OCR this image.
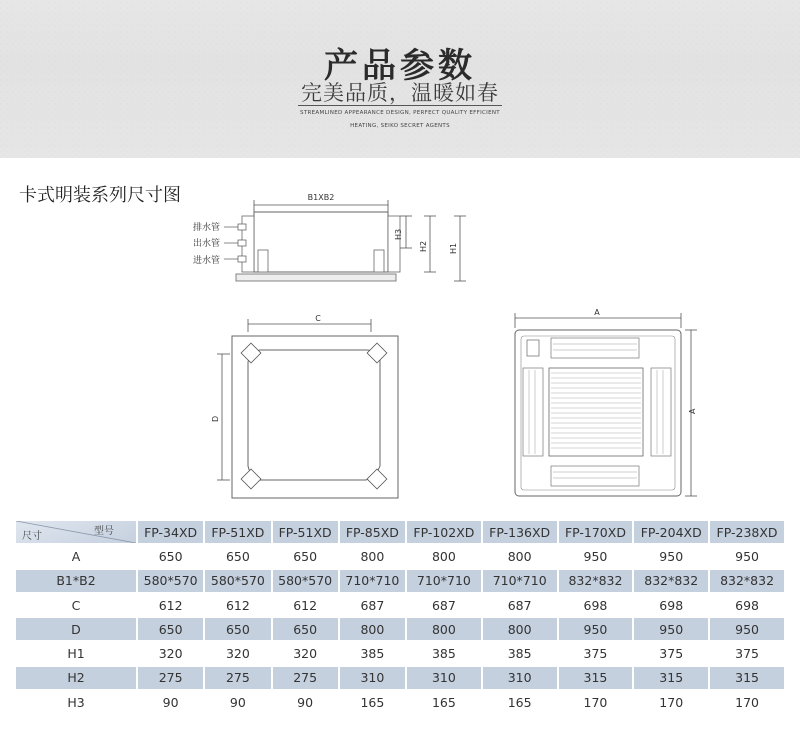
产品参数
完美品质，温暖如春
STREAMLINED APPEARANCE DESIGN, PERFECT QUALITY EFFICIENT
HEATING, SEIKO SECRET AGENTS
卡式明装系列尺寸图	B1XB2
排水管
出水管
进水管
H3
H2	H1
C
D
A
A
型号
尺寸	FP-34XD	FP-51XD	FP-51XD	FP-85XD	FP-102XD	FP-136XD	FP-170XD	FP-204XD	FP-238XD
A	650	650	650	800	800	800	950	950	950
B1*B2	580*570	580*570	580*570	710*710	710*710	710*710	832*832	832*832	832*832
C	612	612	612	687	687	687	698	698	698
D	650	650	650	800	800	800	950	950	950
H1	320	320	320	385	385	385	375	375	375
H2	275	275	275	310	310	310	315	315	315
H3	90	90	90	165	165	165	170	170	170
